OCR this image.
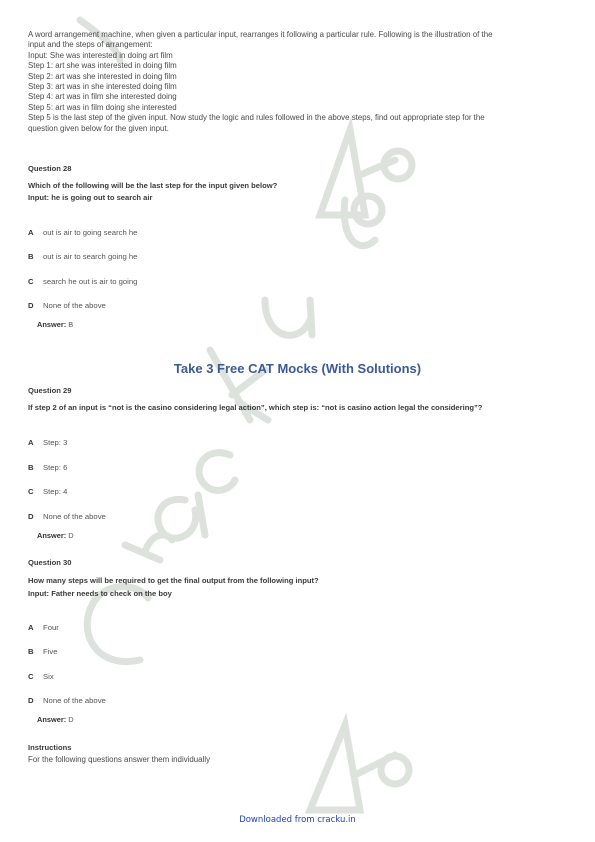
A word arrangement machine, when given a particular input, rearranges it following a particular rule. Following is the illustration of the
input and the steps of arrangement:
Input: She was interested in doing art film
Step 1: art she was interested in doing film
Step 2: art was she interested in doing film
Step 3: art was in she interested doing film
Step 4: art was in film she interested doing
Step 5: art was in film doing she interested
Step 5 is the last step of the given input. Now study the logic and rules followed in the above steps, find out appropriate step for the
question given below for the given input.
Question 28
Which of the following will be the last step for the input given below?
Input: he is going out to search air
A out is air to going search he
B out is air to search going he
C search he out is air to going
D None of the above
Answer: B
Take 3 Free CAT Mocks (With Solutions)
Question 29
If step 2 of an input is “not is the casino considering legal action”, which step is: “not is casino action legal the considering”?
A Step: 3
B Step: 6
C Step: 4
D None of the above
Answer: D
Question 30
How many steps will be required to get the final output from the following input?
Input: Father needs to check on the boy
A Four
B Five
C Six
D None of the above
Answer: D
Instructions
For the following questions answer them individually
Downloaded from cracku.in
